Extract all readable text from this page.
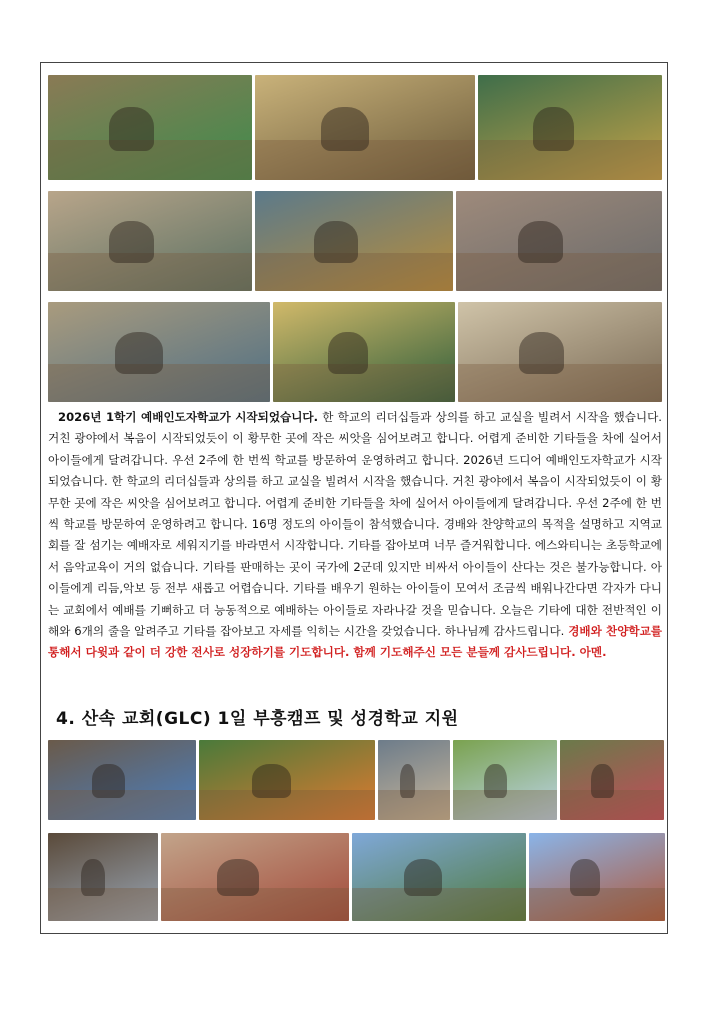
2026년 1학기 예배인도자학교가 시작되었습니다. 한 학교의 리더십들과 상의를 하고 교실을 빌려서 시작을 했습니다. 거친 광야에서 복음이 시작되었듯이 이 황무한 곳에 작은 씨앗을 심어보려고 합니다. 어렵게 준비한 기타들을 차에 실어서 아이들에게 달려갑니다. 우선 2주에 한 번씩 학교를 방문하여 운영하려고 합니다. 2026년 드디어 예배인도자학교가 시작되었습니다. 한 학교의 리더십들과 상의를 하고 교실을 빌려서 시작을 했습니다. 거친 광야에서 복음이 시작되었듯이 이 황무한 곳에 작은 씨앗을 심어보려고 합니다. 어렵게 준비한 기타들을 차에 실어서 아이들에게 달려갑니다. 우선 2주에 한 번씩 학교를 방문하여 운영하려고 합니다. 16명 정도의 아이들이 참석했습니다. 경배와 찬양학교의 목적을 설명하고 지역교회를 잘 섬기는 예배자로 세워지기를 바라면서 시작합니다. 기타를 잡아보며 너무 즐거워합니다. 에스와티니는 초등학교에서 음악교육이 거의 없습니다. 기타를 판매하는 곳이 국가에 2군데 있지만 비싸서 아이들이 산다는 것은 불가능합니다. 아이들에게 리듬,악보 등 전부 새롭고 어렵습니다. 기타를 배우기 원하는 아이들이 모여서 조금씩 배워나간다면 각자가 다니는 교회에서 예배를 기뻐하고 더 능동적으로 예배하는 아이들로 자라나갈 것을 믿습니다. 오늘은 기타에 대한 전반적인 이해와 6개의 줄을 알려주고 기타를 잡아보고 자세를 익히는 시간을 갖었습니다. 하나님께 감사드립니다. 경배와 찬양학교를 통해서 다윗과 같이 더 강한 전사로 성장하기를 기도합니다. 함께 기도해주신 모든 분들께 감사드립니다. 아멘.

4. 산속 교회(GLC) 1일 부흥캠프 및 성경학교 지원
